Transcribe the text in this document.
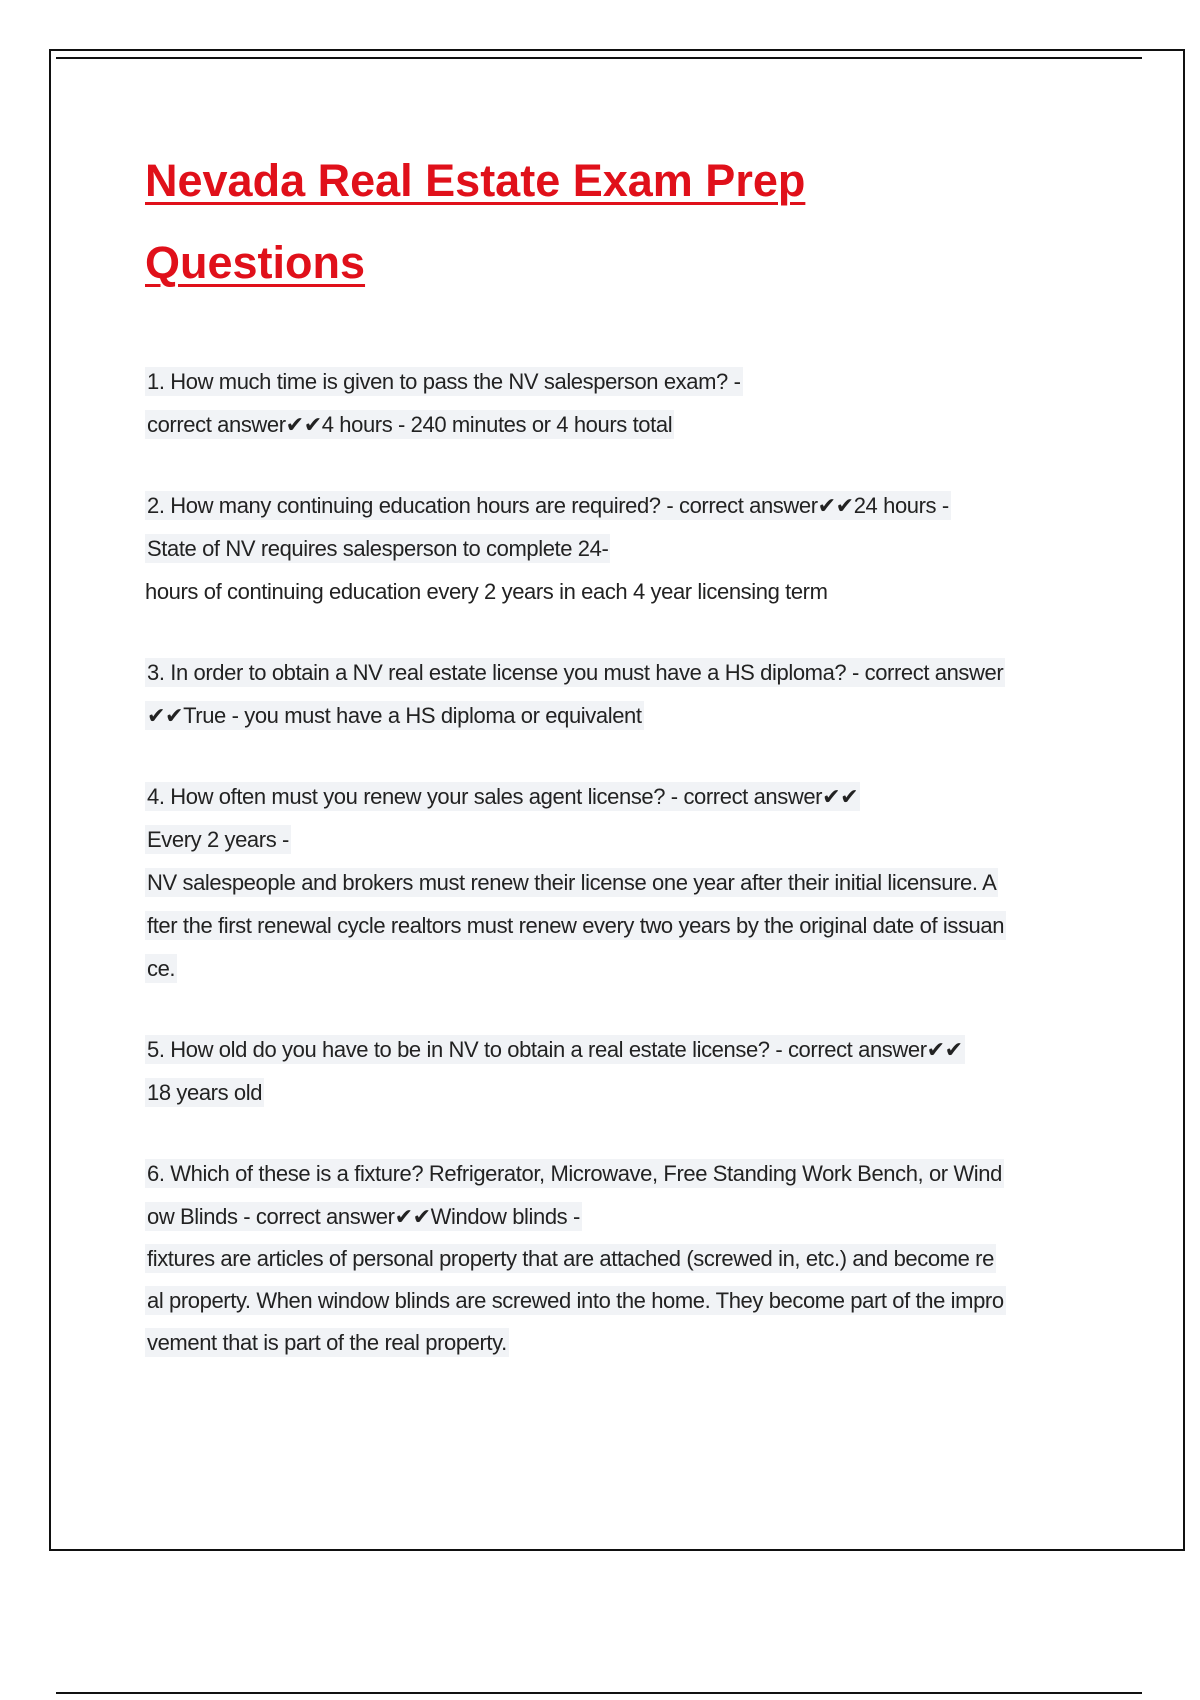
Nevada Real Estate Exam Prep
Questions
1. How much time is given to pass the NV salesperson exam? -
correct answer✔✔4 hours - 240 minutes or 4 hours total
2. How many continuing education hours are required? - correct answer✔✔24 hours -
State of NV requires salesperson to complete 24-
hours of continuing education every 2 years in each 4 year licensing term
3. In order to obtain a NV real estate license you must have a HS diploma? - correct answer
✔✔True - you must have a HS diploma or equivalent
4. How often must you renew your sales agent license? - correct answer✔✔
Every 2 years -
NV salespeople and brokers must renew their license one year after their initial licensure. A
fter the first renewal cycle realtors must renew every two years by the original date of issuan
ce.
5. How old do you have to be in NV to obtain a real estate license? - correct answer✔✔
18 years old
6. Which of these is a fixture? Refrigerator, Microwave, Free Standing Work Bench, or Wind
ow Blinds - correct answer✔✔Window blinds -
fixtures are articles of personal property that are attached (screwed in, etc.) and become re
al property. When window blinds are screwed into the home. They become part of the impro
vement that is part of the real property.
